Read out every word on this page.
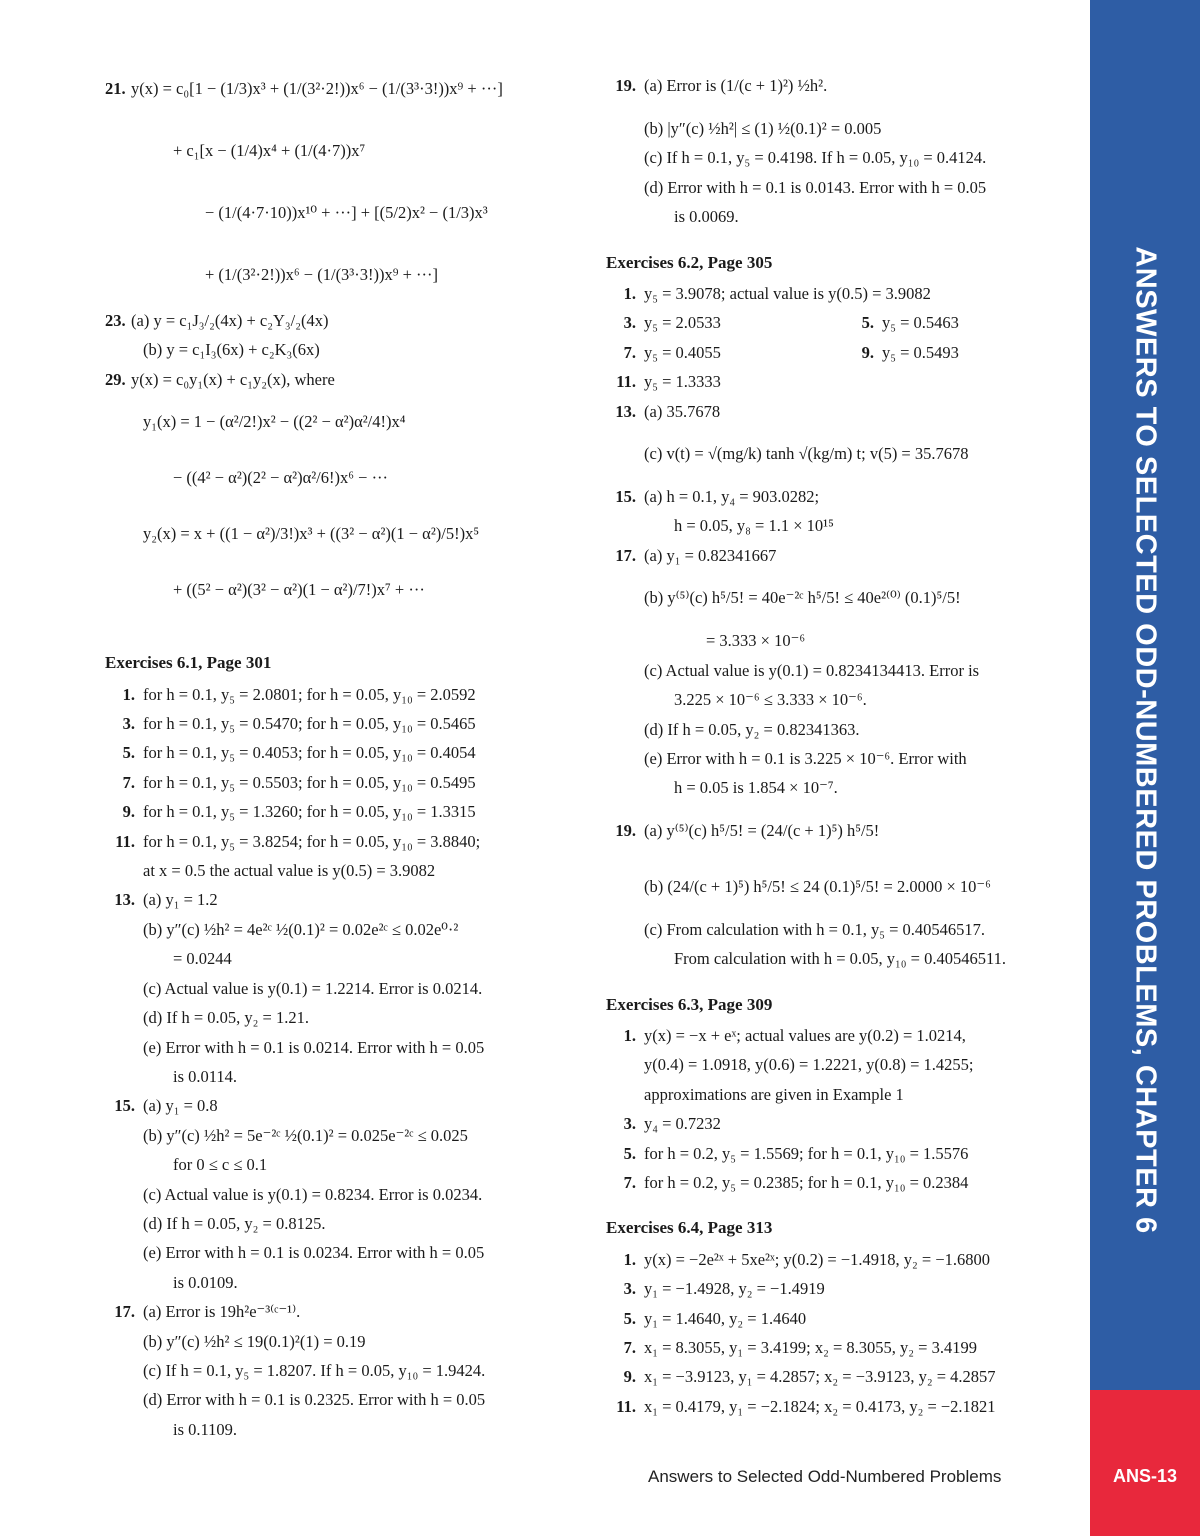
ANSWERS TO SELECTED ODD-NUMBERED PROBLEMS, CHAPTER 6
ANS-13
Answers to Selected Odd-Numbered Problems
21. y(x) = c₀[1 − (1/3)x³ + (1/(3²·2!))x⁶ − (1/(3³·3!))x⁹ + ···]
+ c₁[x − (1/4)x⁴ + (1/(4·7))x⁷
− (1/(4·7·10))x¹⁰ + ···] + [(5/2)x² − (1/3)x³
+ (1/(3²·2!))x⁶ − (1/(3³·3!))x⁹ + ···]
23. (a) y = c₁J₃/₂(4x) + c₂Y₃/₂(4x)
(b) y = c₁I₃(6x) + c₂K₃(6x)
29. y(x) = c₀y₁(x) + c₁y₂(x), where
y₁(x) = 1 − (α²/2!)x² − ((2² − α²)α²/4!)x⁴
− ((4² − α²)(2² − α²)α²/6!)x⁶ − ···
y₂(x) = x + ((1 − α²)/3!)x³ + ((3² − α²)(1 − α²)/5!)x⁵
+ ((5² − α²)(3² − α²)(1 − α²)/7!)x⁷ + ···
Exercises 6.1, Page 301
1. for h = 0.1, y₅ = 2.0801; for h = 0.05, y₁₀ = 2.0592
3. for h = 0.1, y₅ = 0.5470; for h = 0.05, y₁₀ = 0.5465
5. for h = 0.1, y₅ = 0.4053; for h = 0.05, y₁₀ = 0.4054
7. for h = 0.1, y₅ = 0.5503; for h = 0.05, y₁₀ = 0.5495
9. for h = 0.1, y₅ = 1.3260; for h = 0.05, y₁₀ = 1.3315
11. for h = 0.1, y₅ = 3.8254; for h = 0.05, y₁₀ = 3.8840;
at x = 0.5 the actual value is y(0.5) = 3.9082
13. (a) y₁ = 1.2
(b) y″(c) ½h² = 4e²ᶜ ½(0.1)² = 0.02e²ᶜ ≤ 0.02e⁰·²
= 0.0244
(c) Actual value is y(0.1) = 1.2214. Error is 0.0214.
(d) If h = 0.05, y₂ = 1.21.
(e) Error with h = 0.1 is 0.0214. Error with h = 0.05
is 0.0114.
15. (a) y₁ = 0.8
(b) y″(c) ½h² = 5e⁻²ᶜ ½(0.1)² = 0.025e⁻²ᶜ ≤ 0.025
for 0 ≤ c ≤ 0.1
(c) Actual value is y(0.1) = 0.8234. Error is 0.0234.
(d) If h = 0.05, y₂ = 0.8125.
(e) Error with h = 0.1 is 0.0234. Error with h = 0.05
is 0.0109.
17. (a) Error is 19h²e⁻³⁽ᶜ⁻¹⁾.
(b) y″(c) ½h² ≤ 19(0.1)²(1) = 0.19
(c) If h = 0.1, y₅ = 1.8207. If h = 0.05, y₁₀ = 1.9424.
(d) Error with h = 0.1 is 0.2325. Error with h = 0.05
is 0.1109.
19. (a) Error is (1/(c + 1)²) ½h².
(b) |y″(c) ½h²| ≤ (1) ½(0.1)² = 0.005
(c) If h = 0.1, y₅ = 0.4198. If h = 0.05, y₁₀ = 0.4124.
(d) Error with h = 0.1 is 0.0143. Error with h = 0.05
is 0.0069.
Exercises 6.2, Page 305
1. y₅ = 3.9078; actual value is y(0.5) = 3.9082
3. y₅ = 2.0533	5. y₅ = 0.5463
7. y₅ = 0.4055	9. y₅ = 0.5493
11. y₅ = 1.3333
13. (a) 35.7678
(c) v(t) = √(mg/k) tanh √(kg/m) t; v(5) = 35.7678
15. (a) h = 0.1, y₄ = 903.0282;
h = 0.05, y₈ = 1.1 × 10¹⁵
17. (a) y₁ = 0.82341667
(b) y⁽⁵⁾(c) h⁵/5! = 40e⁻²ᶜ h⁵/5! ≤ 40e²⁽⁰⁾ (0.1)⁵/5!
= 3.333 × 10⁻⁶
(c) Actual value is y(0.1) = 0.8234134413. Error is
3.225 × 10⁻⁶ ≤ 3.333 × 10⁻⁶.
(d) If h = 0.05, y₂ = 0.82341363.
(e) Error with h = 0.1 is 3.225 × 10⁻⁶. Error with
h = 0.05 is 1.854 × 10⁻⁷.
19. (a) y⁽⁵⁾(c) h⁵/5! = (24/(c + 1)⁵) h⁵/5!
(b) (24/(c + 1)⁵) h⁵/5! ≤ 24 (0.1)⁵/5! = 2.0000 × 10⁻⁶
(c) From calculation with h = 0.1, y₅ = 0.40546517.
From calculation with h = 0.05, y₁₀ = 0.40546511.
Exercises 6.3, Page 309
1. y(x) = −x + eˣ; actual values are y(0.2) = 1.0214,
y(0.4) = 1.0918, y(0.6) = 1.2221, y(0.8) = 1.4255;
approximations are given in Example 1
3. y₄ = 0.7232
5. for h = 0.2, y₅ = 1.5569; for h = 0.1, y₁₀ = 1.5576
7. for h = 0.2, y₅ = 0.2385; for h = 0.1, y₁₀ = 0.2384
Exercises 6.4, Page 313
1. y(x) = −2e²ˣ + 5xe²ˣ; y(0.2) = −1.4918, y₂ = −1.6800
3. y₁ = −1.4928, y₂ = −1.4919
5. y₁ = 1.4640, y₂ = 1.4640
7. x₁ = 8.3055, y₁ = 3.4199; x₂ = 8.3055, y₂ = 3.4199
9. x₁ = −3.9123, y₁ = 4.2857; x₂ = −3.9123, y₂ = 4.2857
11. x₁ = 0.4179, y₁ = −2.1824; x₂ = 0.4173, y₂ = −2.1821
